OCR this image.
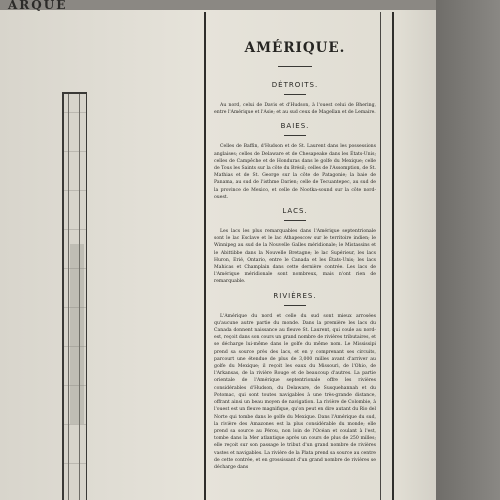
ARQUE
AMÉRIQUE.

DÉTROITS.

Au nord, celui de Davis et d'Hudson, à l'ouest celui de Bhering, entre l'Amérique et l'Asie; et au sud ceux de Magellan et de Lemaire.

BAIES.

Celles de Baffin, d'Hudson et de St. Laurent dans les possessions anglaises; celles de Delaware et de Chesapeake dans les États-Unis; celles de Campêche et de Honduras dans le golfe du Mexique; celle de Tous les Saints sur la côte du Brésil; celles de l'Assomption, de St. Mathias et de St. George sur la côte de Patagonie; la baie de Panama, au sud de l'isthme Darien; celle de Tecuantepec, au sud de la province de Mexico, et celle de Nootka-sound sur la côte nord-ouest.

LACS.

Les lacs les plus remarquables dans l'Amérique septentrionale sont le lac Esclave et le lac Athapescow sur le territoire indien; le Winnipeg au sud de la Nouvelle Galles méridionale; le Mistassins et le Abittibbe dans la Nouvelle Bretagne; le lac Supérieur, les lacs Huron, Erié, Ontario, entre le Canada et les États-Unis; les lacs Mahicas et Champlain dans cette dernière contrée. Les lacs de l'Amérique méridionale sont nombreux, mais n'ont rien de remarquable.

RIVIÈRES.

L'Amérique du nord et celle du sud sont mieux arrosées qu'aucune autre partie du monde. Dans la première les lacs du Canada donnent naissance au fleuve St. Laurent, qui coule au nord-est, reçoit dans son cours un grand nombre de rivières tributaires, et se décharge lui-même dans le golfe du même nom. Le Mississipi prend sa source près des lacs, et en y comprenant ses circuits, parcourt une étendue de plus de 3,000 milles avant d'arriver au golfe du Mexique; il reçoit les eaux du Missouri, de l'Ohio, de l'Arkansas, de la rivière Rouge et de beaucoup d'autres. La partie orientale de l'Amérique septentrionale offre les rivières considérables d'Hudson, du Delaware, de Susquehannah et du Potomac, qui sont toutes navigables à une très-grande distance, offrant ainsi un beau moyen de navigation. La rivière de Colombie, à l'ouest est un fleuve magnifique, qu'on peut en dire autant du Rio del Norte qui tombe dans le golfe du Mexique. Dans l'Amérique du sud, la rivière des Amazones est la plus considérable du monde; elle prend sa source au Pérou, non loin de l'Océan et coulant à l'est, tombe dans la Mer atlantique après un cours de plus de 250 milles; elle reçoit sur son passage le tribut d'un grand nombre de rivières vastes et navigables. La rivière de la Plata prend sa source au centre de cette contrée, et en grossissant d'un grand nombre de rivières se décharge dans
